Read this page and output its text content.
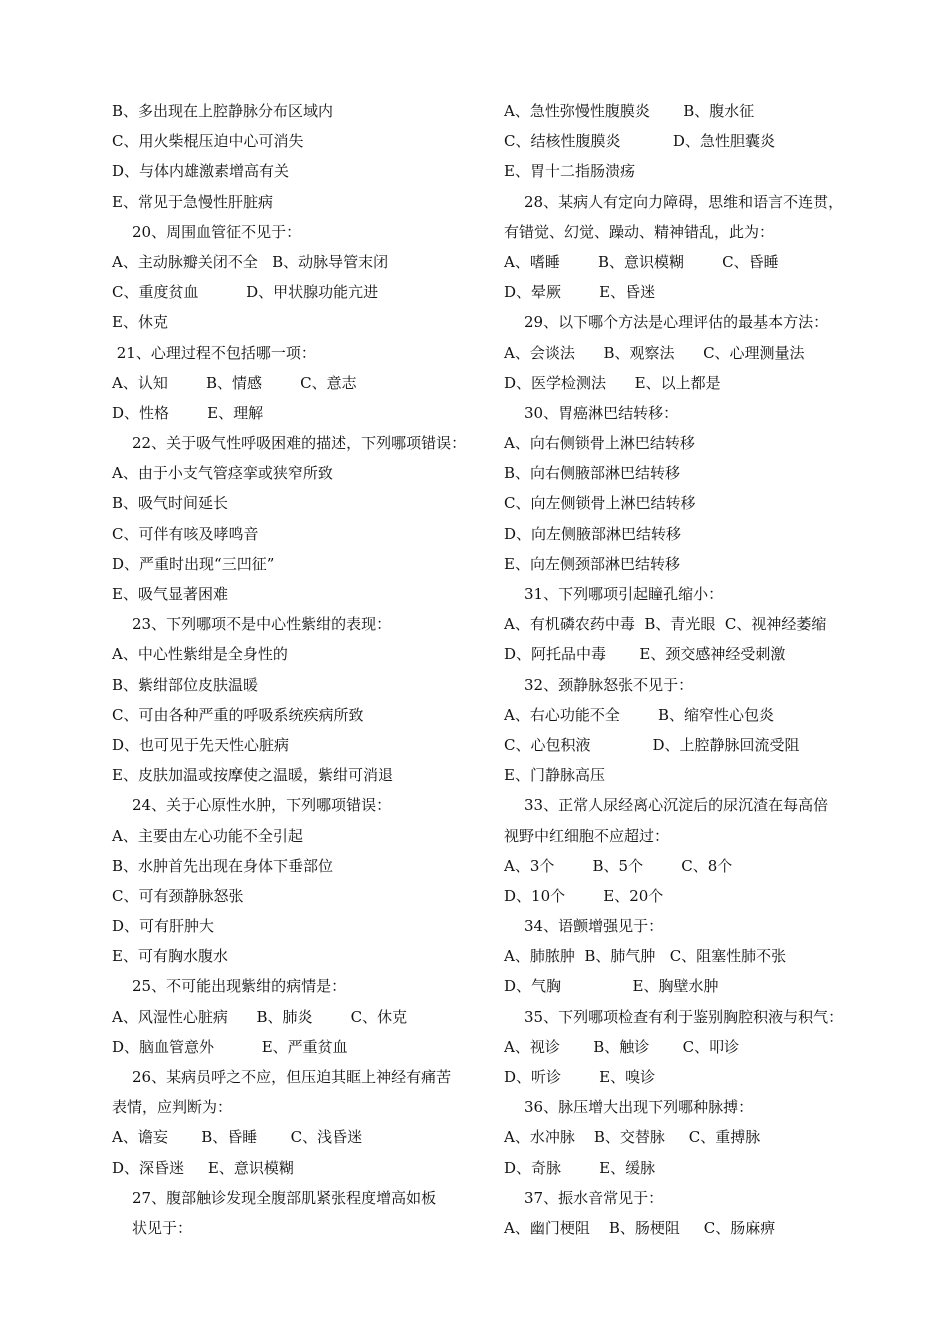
B、多出现在上腔静脉分布区域内
C、用火柴棍压迫中心可消失
D、与体内雄激素增高有关
E、常见于急慢性肝脏病
20、周围血管征不见于：
A、主动脉瓣关闭不全   B、动脉导管末闭
C、重度贫血          D、甲状腺功能亢进
E、休克
21、心理过程不包括哪一项：
A、认知        B、情感        C、意志
D、性格        E、理解
22、关于吸气性呼吸困难的描述，下列哪项错误：
A、由于小支气管痉挛或狭窄所致
B、吸气时间延长
C、可伴有咳及哮鸣音
D、严重时出现“三凹征”
E、吸气显著困难
23、下列哪项不是中心性紫绀的表现：
A、中心性紫绀是全身性的
B、紫绀部位皮肤温暖
C、可由各种严重的呼吸系统疾病所致
D、也可见于先天性心脏病
E、皮肤加温或按摩使之温暖，紫绀可消退
24、关于心原性水肿，下列哪项错误：
A、主要由左心功能不全引起
B、水肿首先出现在身体下垂部位
C、可有颈静脉怒张
D、可有肝肿大
E、可有胸水腹水
25、不可能出现紫绀的病情是：
A、风湿性心脏病      B、肺炎        C、休克
D、脑血管意外          E、严重贫血
26、某病员呼之不应，但压迫其眶上神经有痛苦
表情，应判断为：
A、谵妄       B、昏睡       C、浅昏迷
D、深昏迷     E、意识模糊
27、腹部触诊发现全腹部肌紧张程度增高如板
状见于：
A、急性弥慢性腹膜炎       B、腹水征
C、结核性腹膜炎           D、急性胆囊炎
E、胃十二指肠溃疡
28、某病人有定向力障碍，思维和语言不连贯，
有错觉、幻觉、躁动、精神错乱，此为：
A、嗜睡        B、意识模糊        C、昏睡
D、晕厥        E、昏迷
29、以下哪个方法是心理评估的最基本方法：
A、会谈法      B、观察法      C、心理测量法
D、医学检测法      E、以上都是
30、胃癌淋巴结转移：
A、向右侧锁骨上淋巴结转移
B、向右侧腋部淋巴结转移
C、向左侧锁骨上淋巴结转移
D、向左侧腋部淋巴结转移
E、向左侧颈部淋巴结转移
31、下列哪项引起瞳孔缩小：
A、有机磷农药中毒  B、青光眼  C、视神经萎缩
D、阿托品中毒       E、颈交感神经受刺激
32、颈静脉怒张不见于：
A、右心功能不全        B、缩窄性心包炎
C、心包积液             D、上腔静脉回流受阻
E、门静脉高压
33、正常人尿经离心沉淀后的尿沉渣在每高倍
视野中红细胞不应超过：
A、3个        B、5个        C、8个
D、10个        E、20个
34、语颤增强见于：
A、肺脓肿  B、肺气肿   C、阻塞性肺不张
D、气胸               E、胸壁水肿
35、下列哪项检查有利于鉴别胸腔积液与积气：
A、视诊       B、触诊       C、叩诊
D、听诊        E、嗅诊
36、脉压增大出现下列哪种脉搏：
A、水冲脉    B、交替脉     C、重搏脉
D、奇脉        E、缓脉
37、振水音常见于：
A、幽门梗阻    B、肠梗阻     C、肠麻痹
